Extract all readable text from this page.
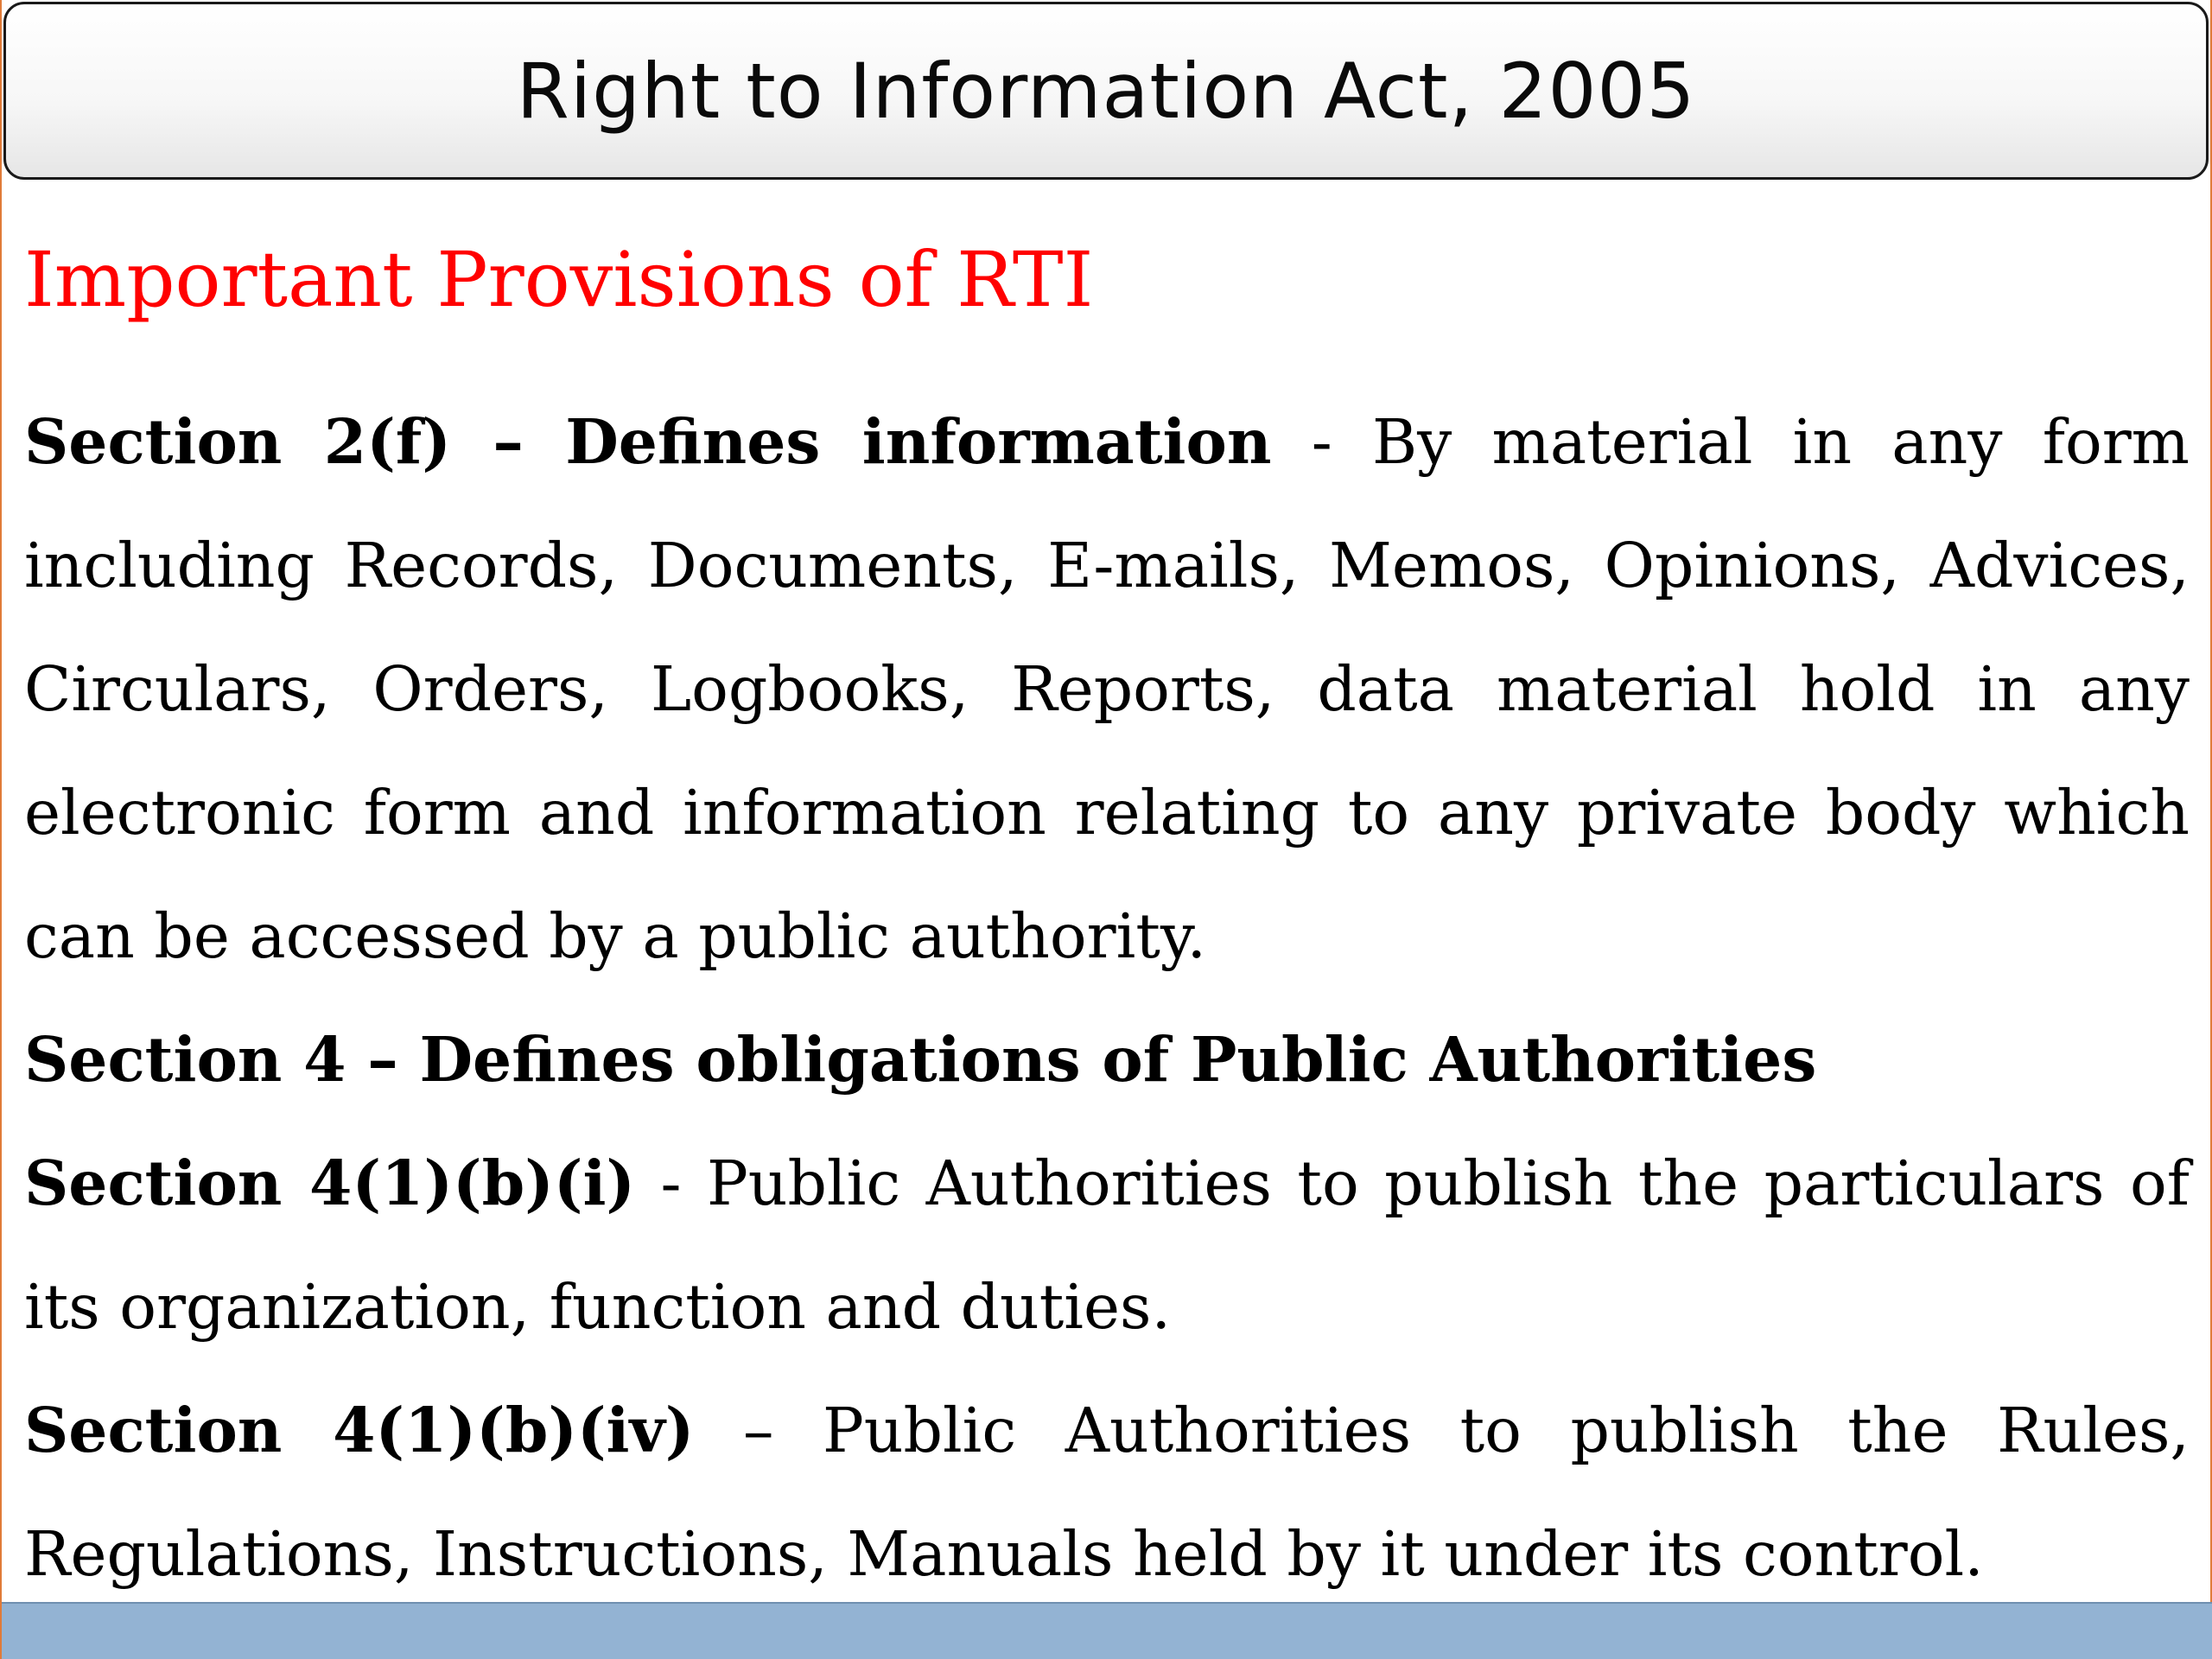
Right to Information Act, 2005
Important Provisions of RTI

Section 2(f) – Defines information - By material in any form including Records, Documents, E-mails, Memos, Opinions, Advices, Circulars, Orders, Logbooks, Reports, data material hold in any electronic form and information relating to any private body which can be accessed by a public authority.

Section 4 – Defines obligations of Public Authorities

Section 4(1)(b)(i) - Public Authorities to publish the particulars of its organization, function and duties.

Section 4(1)(b)(iv) – Public Authorities to publish the Rules, Regulations, Instructions, Manuals held by it under its control.
